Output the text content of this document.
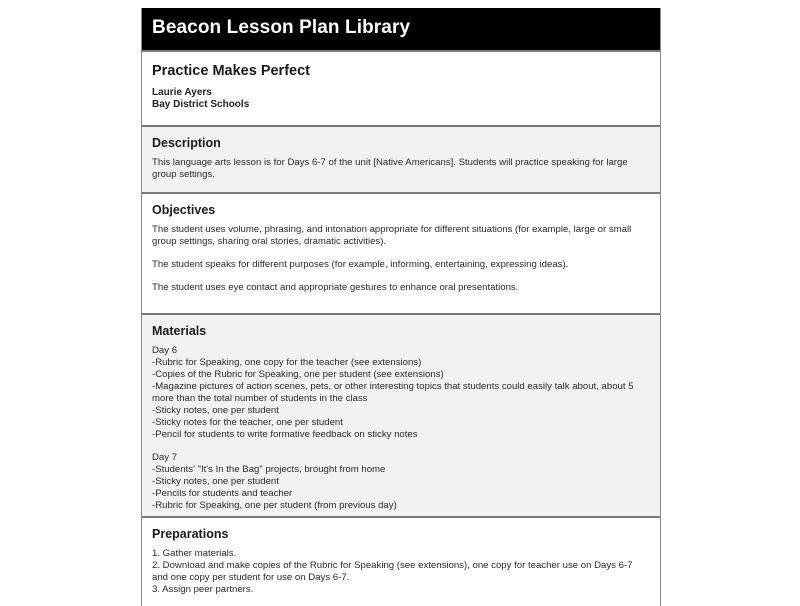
Beacon Lesson Plan Library
Practice Makes Perfect
Laurie Ayers
Bay District Schools
Description
This language arts lesson is for Days 6-7 of the unit [Native Americans]. Students will practice speaking for large group settings.
Objectives

The student uses volume, phrasing, and intonation appropriate for different situations (for example, large or small group settings, sharing oral stories, dramatic activities).

The student speaks for different purposes (for example, informing, entertaining, expressing ideas).

The student uses eye contact and appropriate gestures to enhance oral presentations.

Materials
Day 6
-Rubric for Speaking, one copy for the teacher (see extensions)
-Copies of the Rubric for Speaking, one per student (see extensions)
-Magazine pictures of action scenes, pets, or other interesting topics that students could easily talk about, about 5 more than the total number of students in the class
-Sticky notes, one per student
-Sticky notes for the teacher, one per student
-Pencil for students to write formative feedback on sticky notes
Day 7
-Students' "It's In the Bag" projects, brought from home
-Sticky notes, one per student
-Pencils for students and teacher
-Rubric for Speaking, one per student (from previous day)
Preparations
1. Gather materials.
2. Download and make copies of the Rubric for Speaking (see extensions), one copy for teacher use on Days 6-7 and one copy per student for use on Days 6-7.
3. Assign peer partners.
